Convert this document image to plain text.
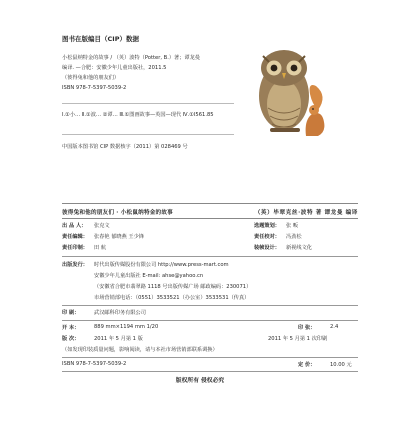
图书在版编目（CIP）数据
小松鼠纳特金的故事 / （英）波特（Potter, B.）著；谭龙曼
编译. —合肥：安徽少年儿童出版社，2011.5
（彼得兔和他的朋友们）
ISBN 978-7-5397-5039-2
Ⅰ.①小… Ⅱ.①波… ②谭… Ⅲ.①图画故事—英国—现代 Ⅳ.①I561.85
中国版本图书馆 CIP 数据核字（2011）第 028469 号
彼得兔和他的朋友们 · 小松鼠纳特金的故事	（英）毕翠克丝·波特 著 谭龙曼 编译
出 品 人： 张克文	选题策划： 张 畈
责任编辑： 张春艳 郁晓燕 王少锋	责任校对： 冯劲松
责任印制： 田 航	装帧设计： 新视线文化
出版发行： 时代出版传媒股份有限公司 http://www.press-mart.com
安徽少年儿童出版社 E-mail: ahse@yahoo.cn
（安徽省合肥市翡翠路 1118 号出版传媒广场 邮政编码：230071）
市场营销部电话：（0551）3533521（办公室）3533531（传真）
印 刷：	武汉邮科印务有限公司
开 本：	889 mm×1194 mm 1/20	印 张：	2.4
版 次：	2011 年 5 月第 1 版	2011 年 5 月第 1 次印刷
（如发现印装质量问题，影响阅读，请与本社市场营销部联系调换）
ISBN 978-7-5397-5039-2	定 价：	10.00 元
版权所有 侵权必究
